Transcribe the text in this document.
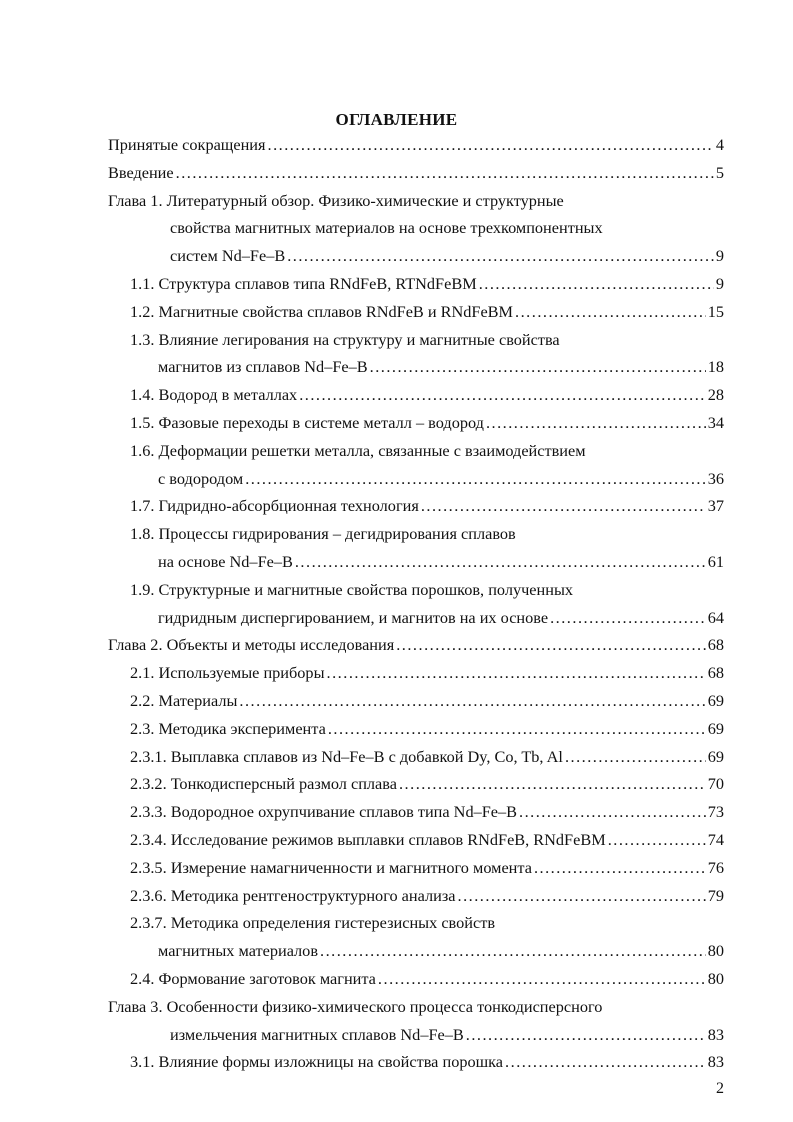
ОГЛАВЛЕНИЕ
Принятые сокращения .....	4
Введение .....	5
Глава 1. Литературный обзор. Физико-химические и структурные
свойства магнитных материалов на основе трехкомпонентных
систем Nd–Fe–B .....	9
1.1. Структура сплавов типа RNdFeB, RTNdFeBM .....	9
1.2. Магнитные свойства сплавов RNdFeB и RNdFeBM .....	15
1.3. Влияние легирования на структуру и магнитные свойства
магнитов из сплавов Nd–Fe–B .....	18
1.4. Водород в металлах .....	28
1.5. Фазовые переходы в системе металл – водород .....	34
1.6. Деформации решетки металла, связанные с взаимодействием
с водородом .....	36
1.7. Гидридно-абсорбционная технология .....	37
1.8. Процессы гидрирования – дегидрирования сплавов
на основе Nd–Fe–B .....	61
1.9. Структурные и магнитные свойства порошков, полученных
гидридным диспергированием, и магнитов на их основе .....	64
Глава 2. Объекты и методы исследования .....	68
2.1. Используемые приборы .....	68
2.2. Материалы .....	69
2.3. Методика эксперимента .....	69
2.3.1. Выплавка сплавов из Nd–Fe–B с добавкой Dy, Co, Tb, Al .....	69
2.3.2. Тонкодисперсный размол сплава .....	70
2.3.3. Водородное охрупчивание сплавов типа Nd–Fe–B .....	73
2.3.4. Исследование режимов выплавки сплавов RNdFeB, RNdFeBM .....	74
2.3.5. Измерение намагниченности и магнитного момента .....	76
2.3.6. Методика рентгеноструктурного анализа .....	79
2.3.7. Методика определения гистерезисных свойств
магнитных материалов .....	80
2.4. Формование заготовок магнита .....	80
Глава 3. Особенности физико-химического процесса тонкодисперсного
измельчения магнитных сплавов Nd–Fe–B .....	83
3.1. Влияние формы изложницы на свойства порошка .....	83
2
